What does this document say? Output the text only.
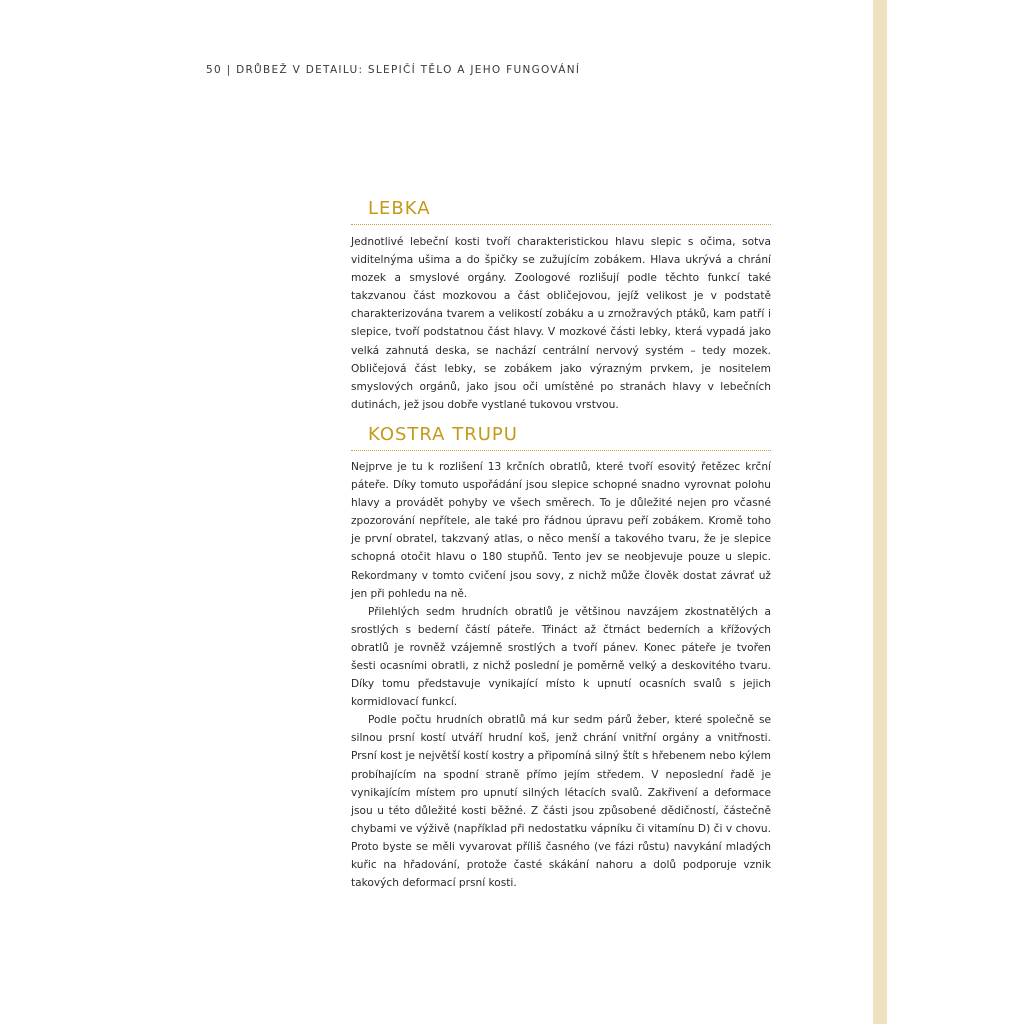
50 | DRŮBEŽ V DETAILU: SLEPIČÍ TĚLO A JEHO FUNGOVÁNÍ
LEBKA

Jednotlivé lebeční kosti tvoří charakteristickou hlavu slepic s očima, sotva viditelnýma ušima a do špičky se zužujícím zobákem. Hlava ukrývá a chrání mozek a smyslové orgány. Zoologové rozlišují podle těchto funkcí také takzvanou část mozkovou a část obličejovou, jejíž velikost je v podstatě charakterizována tvarem a velikostí zobáku a u zrnožravých ptáků, kam patří i slepice, tvoří podstatnou část hlavy. V mozkové části lebky, která vypadá jako velká zahnutá deska, se nachází centrální nervový systém – tedy mozek. Obličejová část lebky, se zobákem jako výrazným prvkem, je nositelem smyslových orgánů, jako jsou oči umístěné po stranách hlavy v lebečních dutinách, jež jsou dobře vystlané tukovou vrstvou.

KOSTRA TRUPU

Nejprve je tu k rozlišení 13 krčních obratlů, které tvoří esovitý řetězec krční páteře. Díky tomuto uspořádání jsou slepice schopné snadno vyrovnat polohu hlavy a provádět pohyby ve všech směrech. To je důležité nejen pro včasné zpozorování nepřítele, ale také pro řádnou úpravu peří zobákem. Kromě toho je první obratel, takzvaný atlas, o něco menší a takového tvaru, že je slepice schopná otočit hlavu o 180 stupňů. Tento jev se neobjevuje pouze u slepic. Rekordmany v tomto cvičení jsou sovy, z nichž může člověk dostat závrať už jen při pohledu na ně.

Přilehlých sedm hrudních obratlů je většinou navzájem zkostnatělých a srostlých s bederní částí páteře. Třináct až čtrnáct bederních a křížových obratlů je rovněž vzájemně srostlých a tvoří pánev. Konec páteře je tvořen šesti ocasními obratli, z nichž poslední je poměrně velký a deskovitého tvaru. Díky tomu představuje vynikající místo k upnutí ocasních svalů s jejich kormidlovací funkcí.

Podle počtu hrudních obratlů má kur sedm párů žeber, které společně se silnou prsní kostí utváří hrudní koš, jenž chrání vnitřní orgány a vnitřnosti. Prsní kost je největší kostí kostry a připomíná silný štít s hřebenem nebo kýlem probíhajícím na spodní straně přímo jejím středem. V neposlední řadě je vynikajícím místem pro upnutí silných létacích svalů. Zakřivení a deformace jsou u této důležité kosti běžné. Z části jsou způsobené dědičností, částečně chybami ve výživě (například při nedostatku vápníku či vitamínu D) či v chovu. Proto byste se měli vyvarovat příliš časného (ve fázi růstu) navykání mladých kuřic na hřadování, protože časté skákání nahoru a dolů podporuje vznik takových deformací prsní kosti.
